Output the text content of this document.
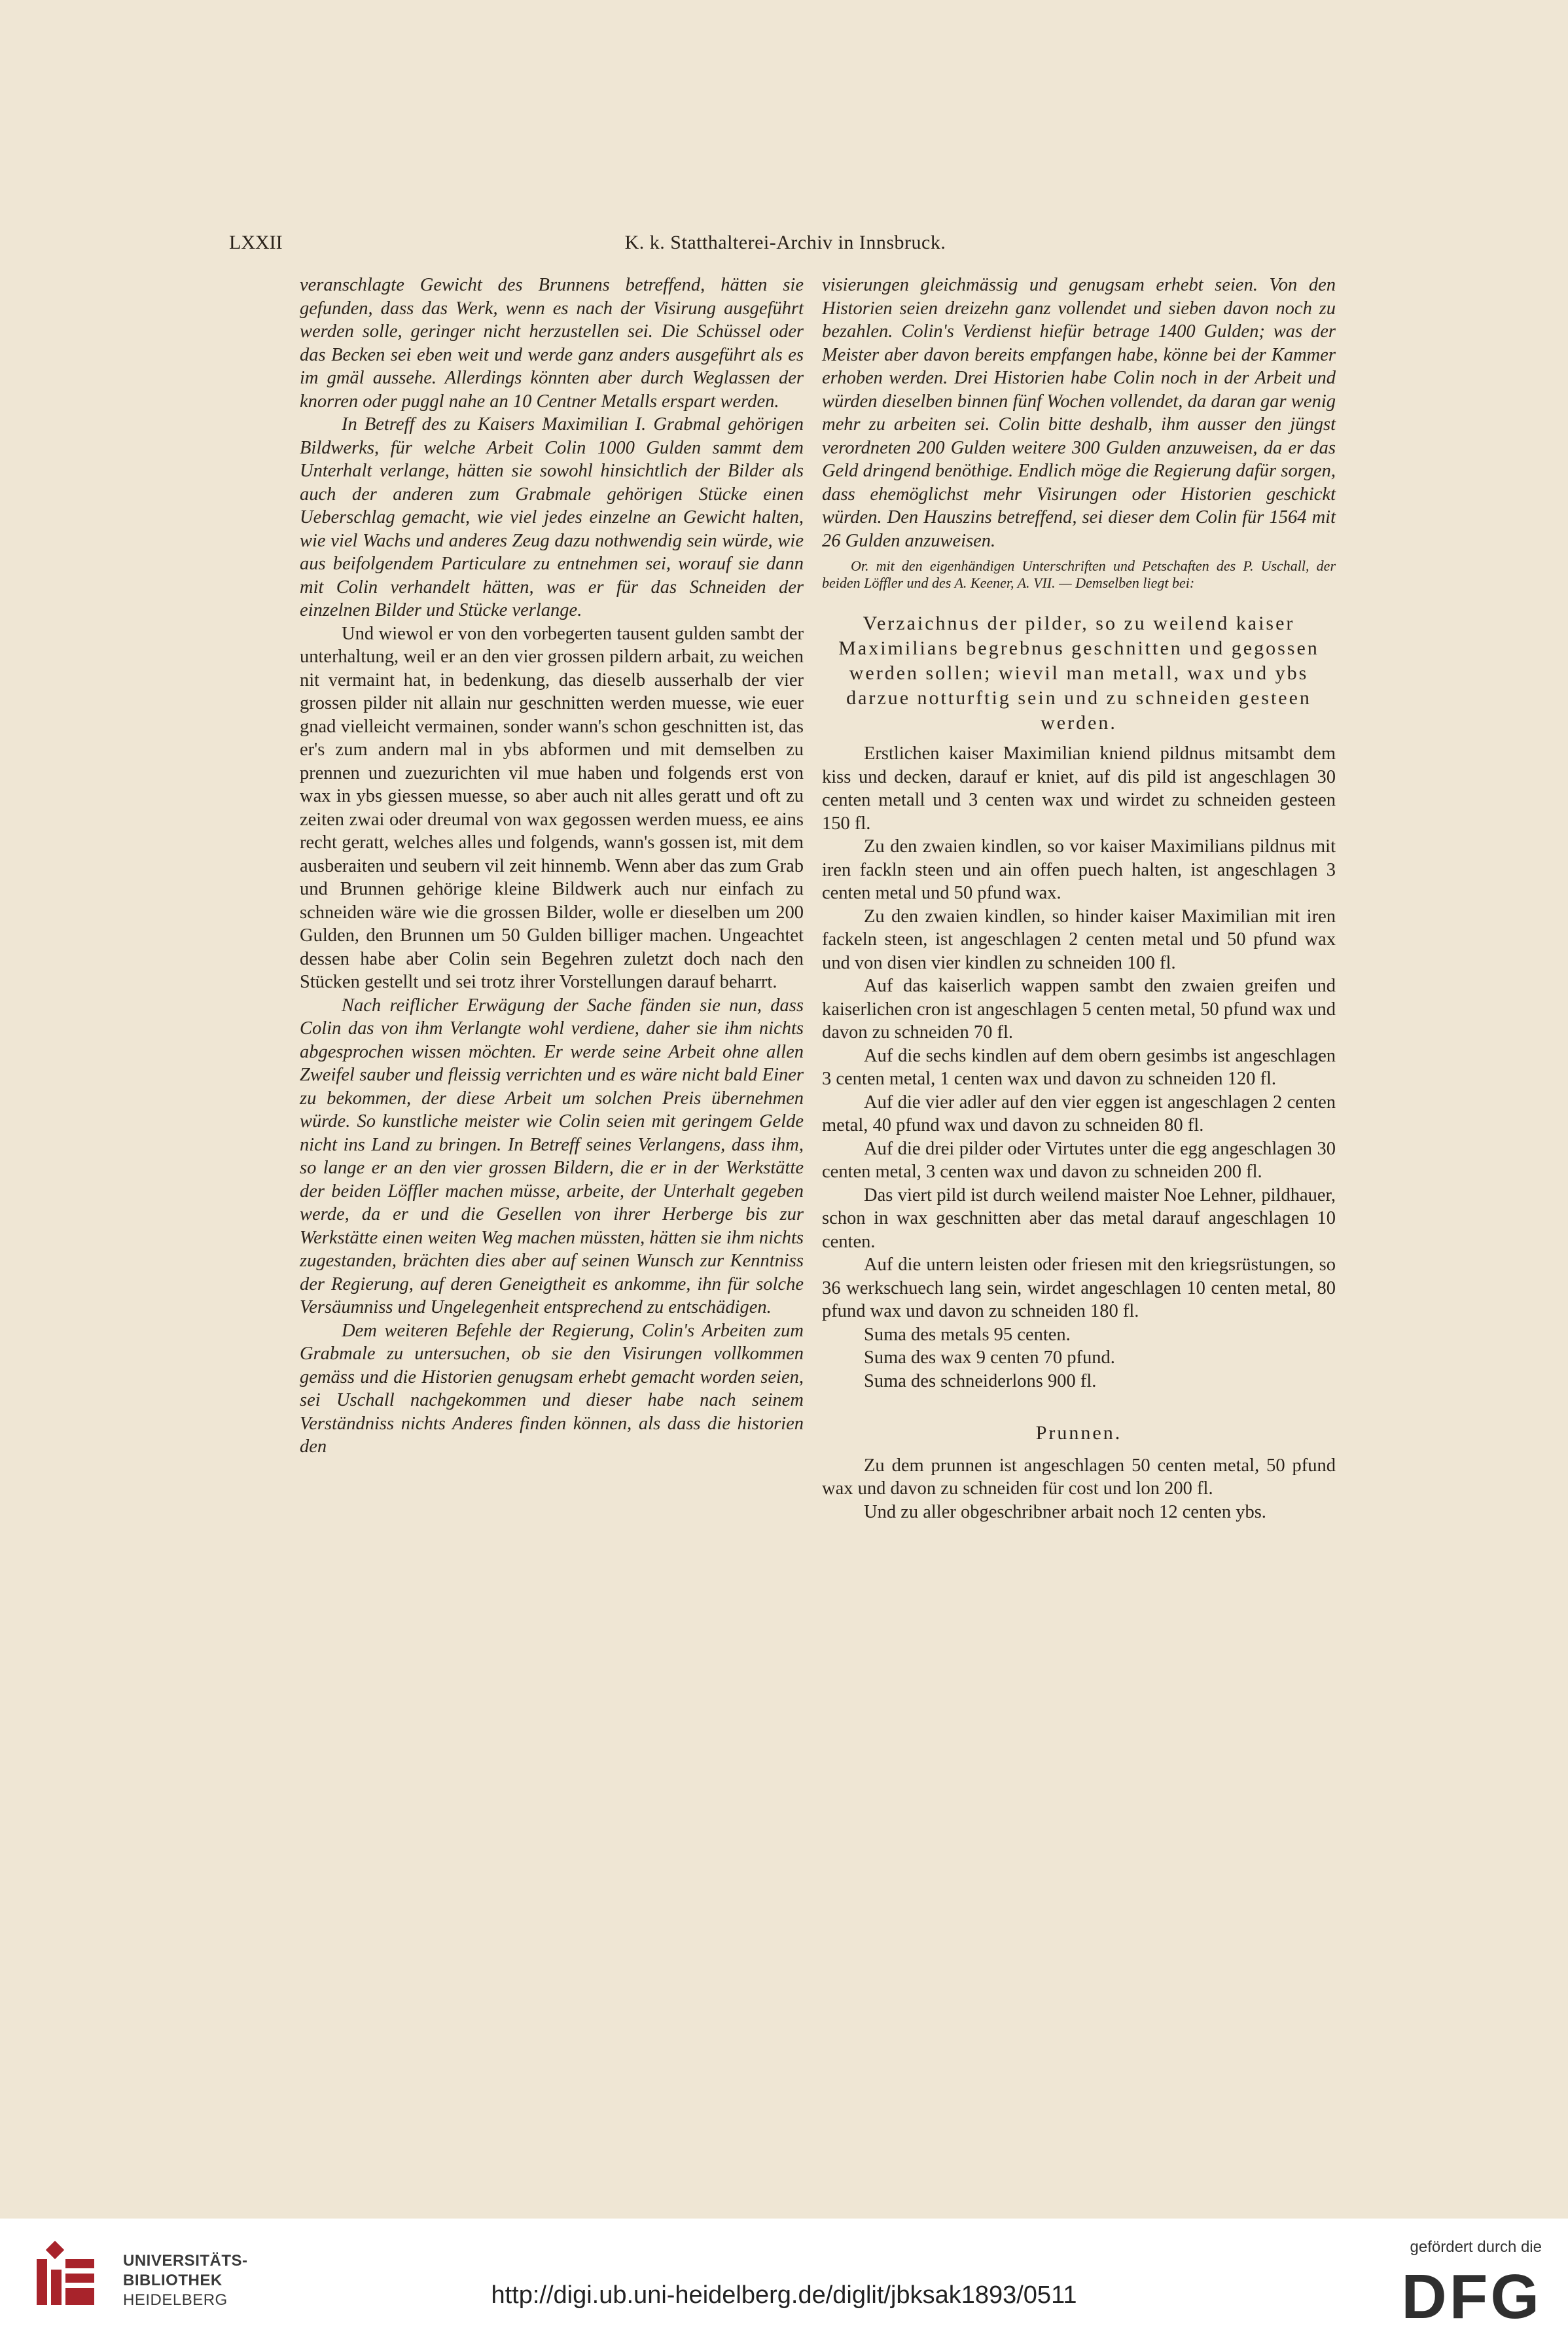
LXXII	K. k. Statthalterei-Archiv in Innsbruck.

veranschlagte Gewicht des Brunnens betreffend, hätten sie gefunden, dass das Werk, wenn es nach der Visirung ausgeführt werden solle, geringer nicht herzustellen sei. Die Schüssel oder das Becken sei eben weit und werde ganz anders ausgeführt als es im gmäl aussehe. Allerdings könnten aber durch Weglassen der knorren oder puggl nahe an 10 Centner Metalls erspart werden.

In Betreff des zu Kaisers Maximilian I. Grabmal gehörigen Bildwerks, für welche Arbeit Colin 1000 Gulden sammt dem Unterhalt verlange, hätten sie sowohl hinsichtlich der Bilder als auch der anderen zum Grabmale gehörigen Stücke einen Ueberschlag gemacht, wie viel jedes einzelne an Gewicht halten, wie viel Wachs und anderes Zeug dazu nothwendig sein würde, wie aus beifolgendem Particulare zu entnehmen sei, worauf sie dann mit Colin verhandelt hätten, was er für das Schneiden der einzelnen Bilder und Stücke verlange.

Und wiewol er von den vorbegerten tausent gulden sambt der unterhaltung, weil er an den vier grossen pildern arbait, zu weichen nit vermaint hat, in bedenkung, das dieselb ausserhalb der vier grossen pilder nit allain nur geschnitten werden muesse, wie euer gnad vielleicht vermainen, sonder wann's schon geschnitten ist, das er's zum andern mal in ybs abformen und mit demselben zu prennen und zuezurichten vil mue haben und folgends erst von wax in ybs giessen muesse, so aber auch nit alles geratt und oft zu zeiten zwai oder dreumal von wax gegossen werden muess, ee ains recht geratt, welches alles und folgends, wann's gossen ist, mit dem ausberaiten und seubern vil zeit hinnemb. Wenn aber das zum Grab und Brunnen gehörige kleine Bildwerk auch nur einfach zu schneiden wäre wie die grossen Bilder, wolle er dieselben um 200 Gulden, den Brunnen um 50 Gulden billiger machen. Ungeachtet dessen habe aber Colin sein Begehren zuletzt doch nach den Stücken gestellt und sei trotz ihrer Vorstellungen darauf beharrt.

Nach reiflicher Erwägung der Sache fänden sie nun, dass Colin das von ihm Verlangte wohl verdiene, daher sie ihm nichts abgesprochen wissen möchten. Er werde seine Arbeit ohne allen Zweifel sauber und fleissig verrichten und es wäre nicht bald Einer zu bekommen, der diese Arbeit um solchen Preis übernehmen würde. So kunstliche meister wie Colin seien mit geringem Gelde nicht ins Land zu bringen. In Betreff seines Verlangens, dass ihm, so lange er an den vier grossen Bildern, die er in der Werkstätte der beiden Löffler machen müsse, arbeite, der Unterhalt gegeben werde, da er und die Gesellen von ihrer Herberge bis zur Werkstätte einen weiten Weg machen müssten, hätten sie ihm nichts zugestanden, brächten dies aber auf seinen Wunsch zur Kenntniss der Regierung, auf deren Geneigtheit es ankomme, ihn für solche Versäumniss und Ungelegenheit entsprechend zu entschädigen.

Dem weiteren Befehle der Regierung, Colin's Arbeiten zum Grabmale zu untersuchen, ob sie den Visirungen vollkommen gemäss und die Historien genugsam erhebt gemacht worden seien, sei Uschall nachgekommen und dieser habe nach seinem Verständniss nichts Anderes finden können, als dass die historien den

visierungen gleichmässig und genugsam erhebt seien. Von den Historien seien dreizehn ganz vollendet und sieben davon noch zu bezahlen. Colin's Verdienst hiefür betrage 1400 Gulden; was der Meister aber davon bereits empfangen habe, könne bei der Kammer erhoben werden. Drei Historien habe Colin noch in der Arbeit und würden dieselben binnen fünf Wochen vollendet, da daran gar wenig mehr zu arbeiten sei. Colin bitte deshalb, ihm ausser den jüngst verordneten 200 Gulden weitere 300 Gulden anzuweisen, da er das Geld dringend benöthige. Endlich möge die Regierung dafür sorgen, dass ehemöglichst mehr Visirungen oder Historien geschickt würden. Den Hauszins betreffend, sei dieser dem Colin für 1564 mit 26 Gulden anzuweisen.

Or. mit den eigenhändigen Unterschriften und Petschaften des P. Uschall, der beiden Löffler und des A. Keener, A. VII. — Demselben liegt bei:

Verzaichnus der pilder, so zu weilend kaiser Maximilians begrebnus geschnitten und gegossen werden sollen; wievil man metall, wax und ybs darzue notturftig sein und zu schneiden gesteen werden.

Erstlichen kaiser Maximilian kniend pildnus mitsambt dem kiss und decken, darauf er kniet, auf dis pild ist angeschlagen 30 centen metall und 3 centen wax und wirdet zu schneiden gesteen 150 fl.

Zu den zwaien kindlen, so vor kaiser Maximilians pildnus mit iren fackln steen und ain offen puech halten, ist angeschlagen 3 centen metal und 50 pfund wax.

Zu den zwaien kindlen, so hinder kaiser Maximilian mit iren fackeln steen, ist angeschlagen 2 centen metal und 50 pfund wax und von disen vier kindlen zu schneiden 100 fl.

Auf das kaiserlich wappen sambt den zwaien greifen und kaiserlichen cron ist angeschlagen 5 centen metal, 50 pfund wax und davon zu schneiden 70 fl.

Auf die sechs kindlen auf dem obern gesimbs ist angeschlagen 3 centen metal, 1 centen wax und davon zu schneiden 120 fl.

Auf die vier adler auf den vier eggen ist angeschlagen 2 centen metal, 40 pfund wax und davon zu schneiden 80 fl.

Auf die drei pilder oder Virtutes unter die egg angeschlagen 30 centen metal, 3 centen wax und davon zu schneiden 200 fl.

Das viert pild ist durch weilend maister Noe Lehner, pildhauer, schon in wax geschnitten aber das metal darauf angeschlagen 10 centen.

Auf die untern leisten oder friesen mit den kriegsrüstungen, so 36 werkschuech lang sein, wirdet angeschlagen 10 centen metal, 80 pfund wax und davon zu schneiden 180 fl.

Suma des metals 95 centen.

Suma des wax 9 centen 70 pfund.

Suma des schneiderlons 900 fl.

Prunnen.

Zu dem prunnen ist angeschlagen 50 centen metal, 50 pfund wax und davon zu schneiden für cost und lon 200 fl.

Und zu aller obgeschribner arbait noch 12 centen ybs.

UNIVERSITÄTS-
BIBLIOTHEK
HEIDELBERG	http://digi.ub.uni-heidelberg.de/diglit/jbksak1893/0511
gefördert durch die
DFG
